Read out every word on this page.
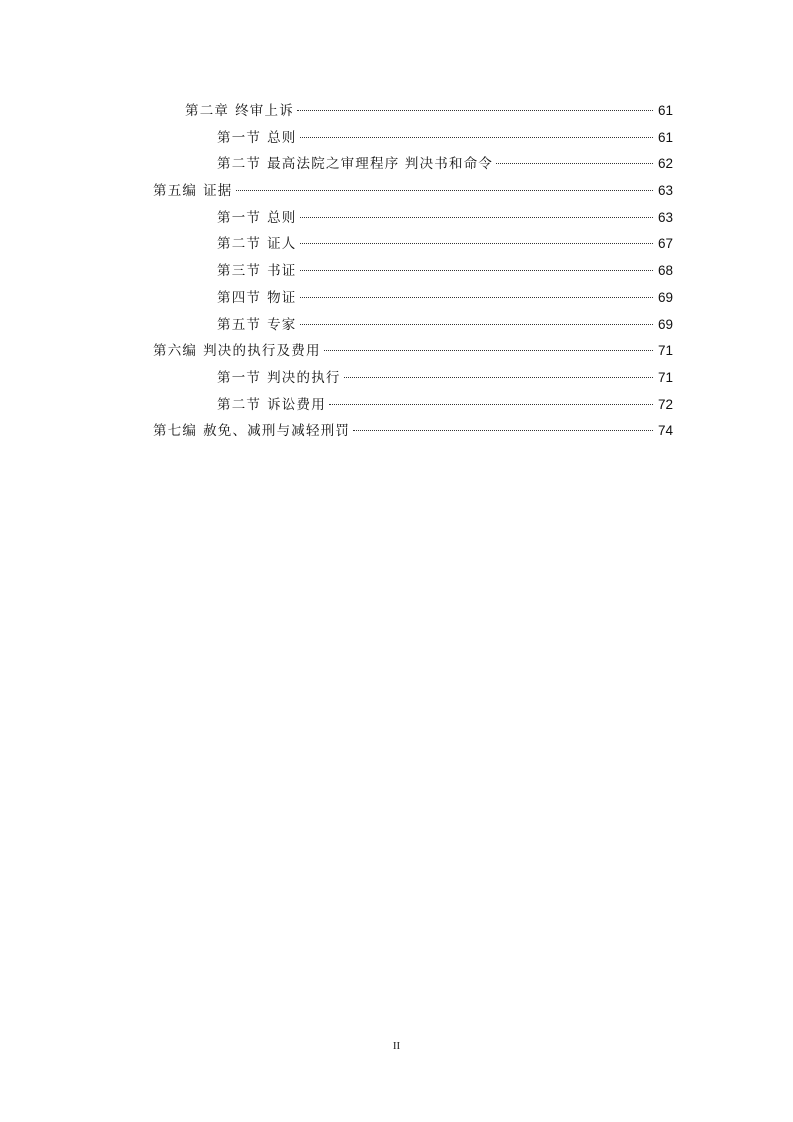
第二章 终审上诉	61
第一节 总则	61
第二节 最高法院之审理程序 判决书和命令	62
第五编 证据	63
第一节 总则	63
第二节 证人	67
第三节 书证	68
第四节 物证	69
第五节 专家	69
第六编 判决的执行及费用	71
第一节 判决的执行	71
第二节 诉讼费用	72
第七编 赦免、减刑与减轻刑罚	74
II
